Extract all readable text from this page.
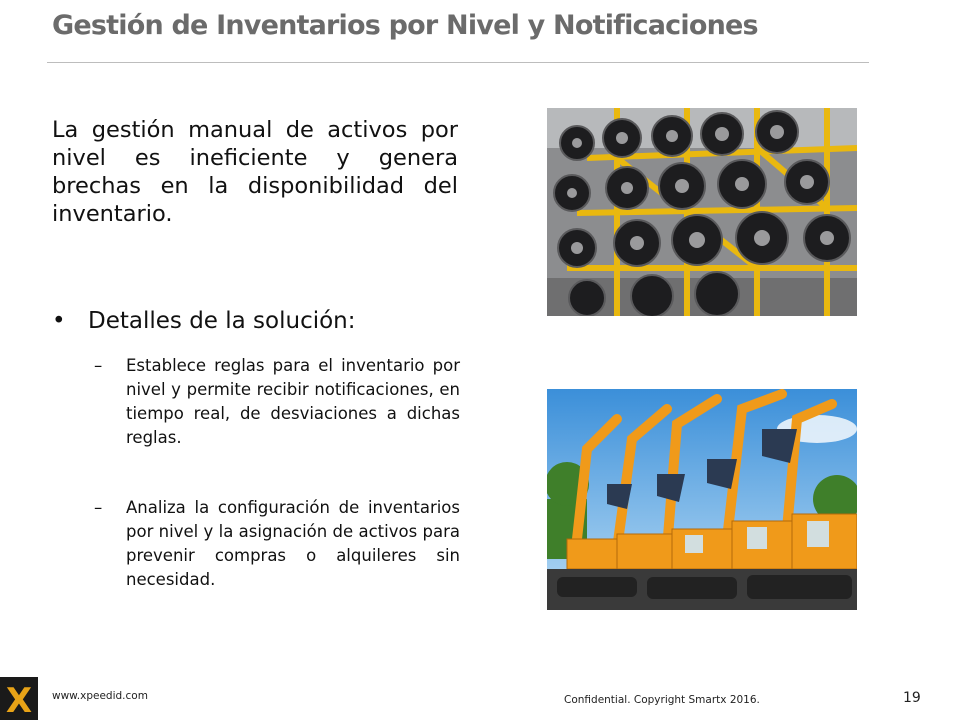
Gestión de Inventarios por Nivel y Notificaciones
La gestión manual de activos por nivel es ineficiente y genera brechas en la disponibilidad del inventario.
• Detalles de la solución:
– Establece reglas para el inventario por nivel y permite recibir notificaciones, en tiempo real, de desviaciones a dichas reglas.
– Analiza la configuración de inventarios por nivel y la asignación de activos para prevenir compras o alquileres sin necesidad.
X www.xpeedid.com	Confidential. Copyright Smartx 2016.	19
